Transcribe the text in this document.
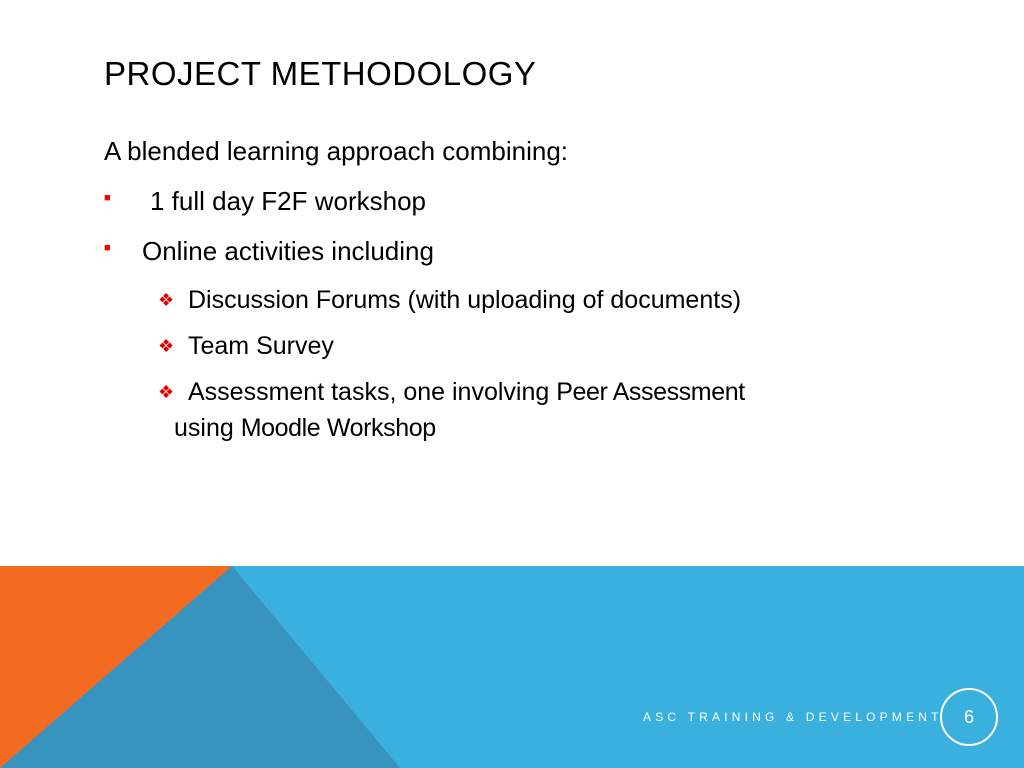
PROJECT METHODOLOGY

A blended learning approach combining:

■ 1 full day F2F workshop
■ Online activities including
❖ Discussion Forums (with uploading of documents)
❖ Team Survey
❖ Assessment tasks, one involving Peer Assessment
using Moodle Workshop
ASC TRAINING & DEVELOPMENT	6
